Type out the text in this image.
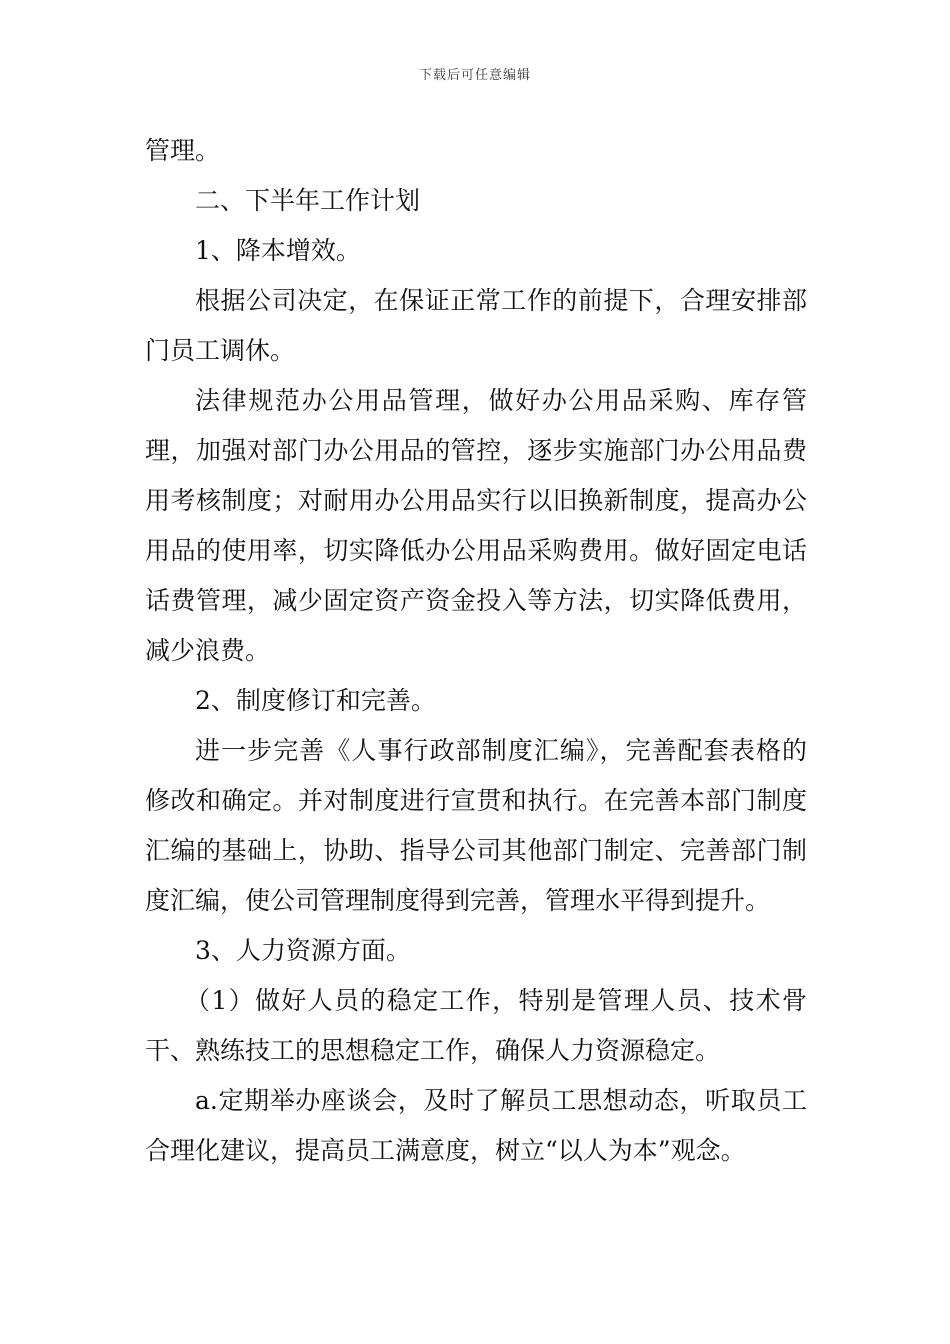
下载后可任意编辑

管理。

二、下半年工作计划

1、降本增效。

根据公司决定，在保证正常工作的前提下，合理安排部门员工调休。

法律规范办公用品管理，做好办公用品采购、库存管理，加强对部门办公用品的管控，逐步实施部门办公用品费用考核制度；对耐用办公用品实行以旧换新制度，提高办公用品的使用率，切实降低办公用品采购费用。做好固定电话话费管理，减少固定资产资金投入等方法，切实降低费用，减少浪费。

2、制度修订和完善。

进一步完善《人事行政部制度汇编》，完善配套表格的修改和确定。并对制度进行宣贯和执行。在完善本部门制度汇编的基础上，协助、指导公司其他部门制定、完善部门制度汇编，使公司管理制度得到完善，管理水平得到提升。

3、人力资源方面。

（1）做好人员的稳定工作，特别是管理人员、技术骨干、熟练技工的思想稳定工作，确保人力资源稳定。

a.定期举办座谈会，及时了解员工思想动态，听取员工合理化建议，提高员工满意度，树立“以人为本”观念。
